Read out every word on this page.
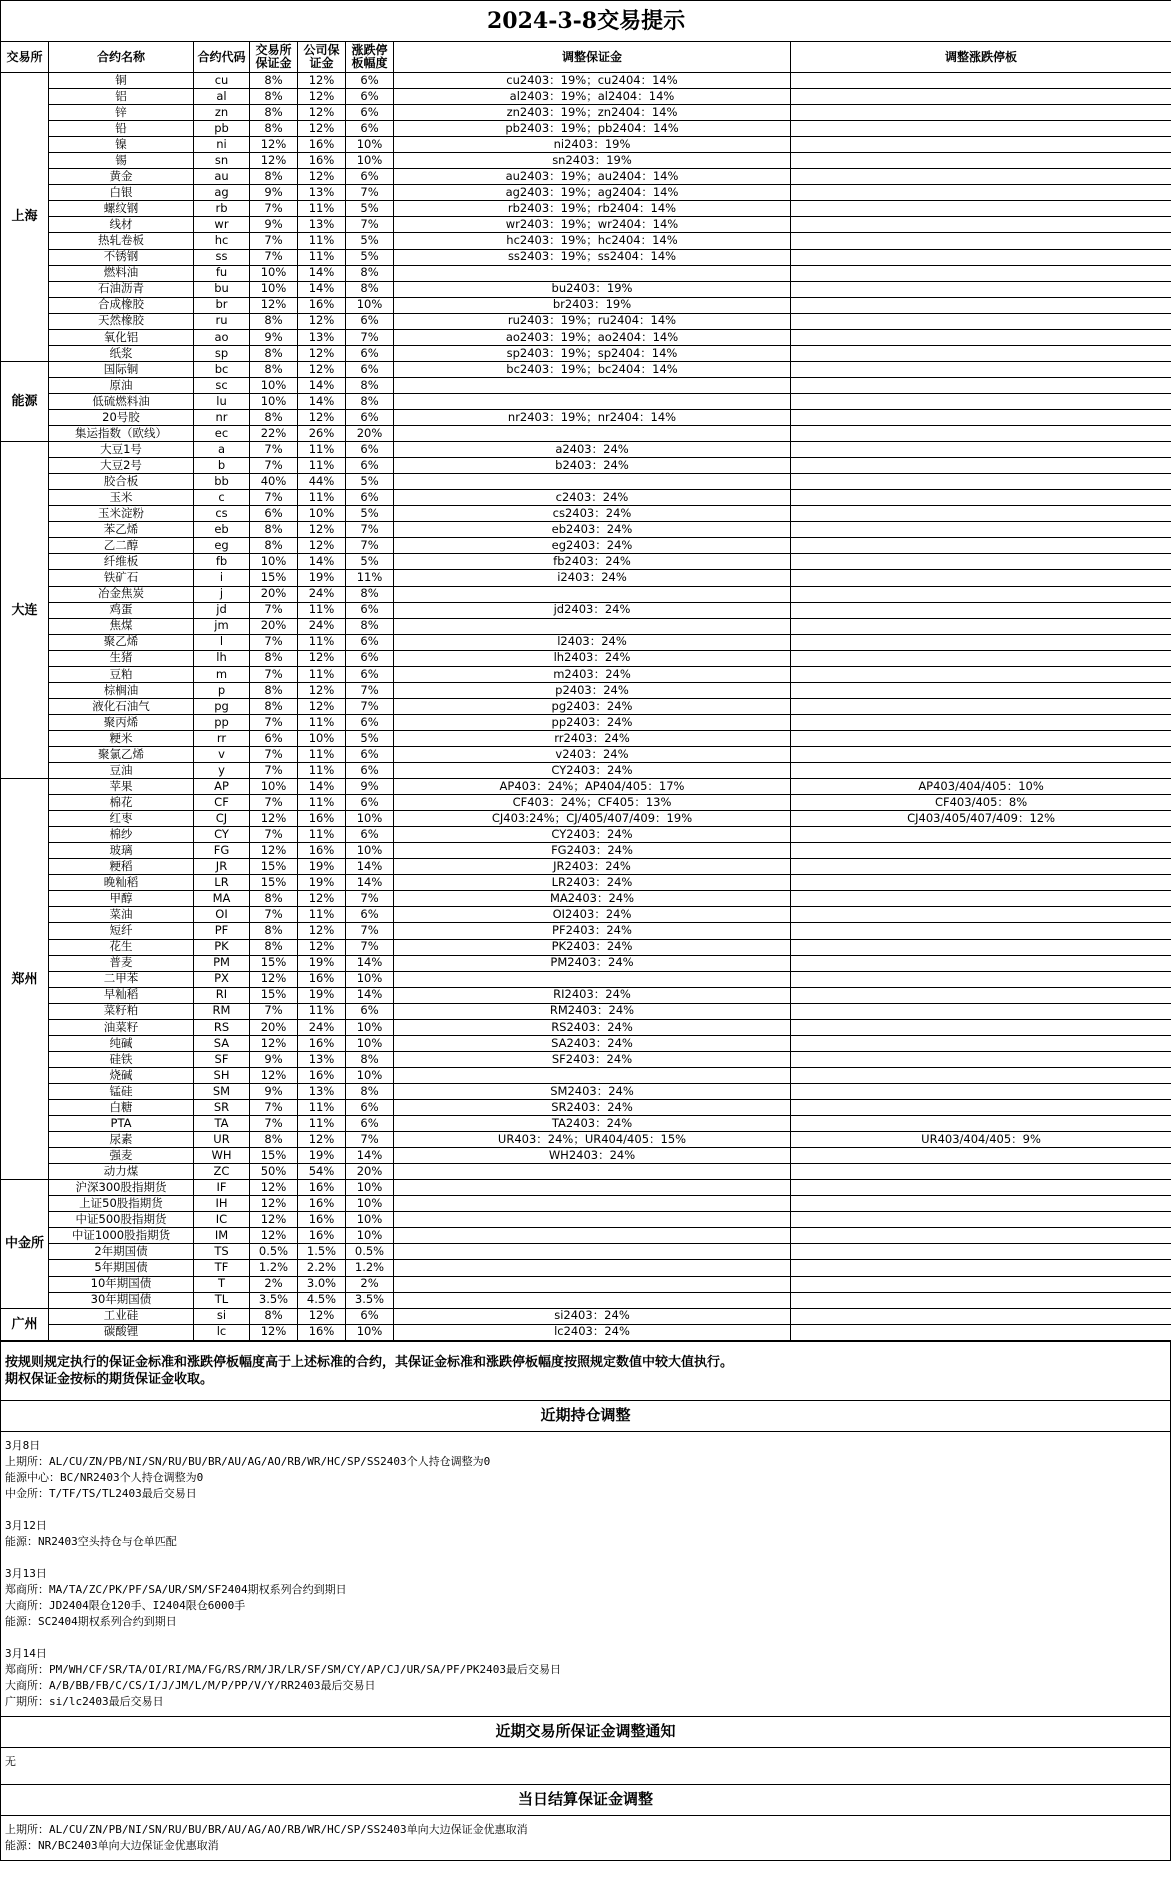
2024-3-8交易提示							
交易所	合约名称	合约代码	交易所保证金	公司保证金	涨跌停板幅度	调整保证金	调整涨跌停板
上海	铜	cu	8%	12%	6%	cu2403：19%；cu2404：14%	
	铝	al	8%	12%	6%	al2403：19%；al2404：14%	
	锌	zn	8%	12%	6%	zn2403：19%；zn2404：14%	
	铅	pb	8%	12%	6%	pb2403：19%；pb2404：14%	
	镍	ni	12%	16%	10%	ni2403：19%	
	锡	sn	12%	16%	10%	sn2403：19%	
	黄金	au	8%	12%	6%	au2403：19%；au2404：14%	
	白银	ag	9%	13%	7%	ag2403：19%；ag2404：14%	
	螺纹钢	rb	7%	11%	5%	rb2403：19%；rb2404：14%	
	线材	wr	9%	13%	7%	wr2403：19%；wr2404：14%	
	热轧卷板	hc	7%	11%	5%	hc2403：19%；hc2404：14%	
	不锈钢	ss	7%	11%	5%	ss2403：19%；ss2404：14%	
	燃料油	fu	10%	14%	8%		
	石油沥青	bu	10%	14%	8%	bu2403：19%	
	合成橡胶	br	12%	16%	10%	br2403：19%	
	天然橡胶	ru	8%	12%	6%	ru2403：19%；ru2404：14%	
	氧化铝	ao	9%	13%	7%	ao2403：19%；ao2404：14%	
	纸浆	sp	8%	12%	6%	sp2403：19%；sp2404：14%	
能源	国际铜	bc	8%	12%	6%	bc2403：19%；bc2404：14%	
	原油	sc	10%	14%	8%		
	低硫燃料油	lu	10%	14%	8%		
	20号胶	nr	8%	12%	6%	nr2403：19%；nr2404：14%	
	集运指数（欧线）	ec	22%	26%	20%		
大连	大豆1号	a	7%	11%	6%	a2403：24%	
	大豆2号	b	7%	11%	6%	b2403：24%	
	胶合板	bb	40%	44%	5%		
	玉米	c	7%	11%	6%	c2403：24%	
	玉米淀粉	cs	6%	10%	5%	cs2403：24%	
	苯乙烯	eb	8%	12%	7%	eb2403：24%	
	乙二醇	eg	8%	12%	7%	eg2403：24%	
	纤维板	fb	10%	14%	5%	fb2403：24%	
	铁矿石	i	15%	19%	11%	i2403：24%	
	冶金焦炭	j	20%	24%	8%		
	鸡蛋	jd	7%	11%	6%	jd2403：24%	
	焦煤	jm	20%	24%	8%		
	聚乙烯	l	7%	11%	6%	l2403：24%	
	生猪	lh	8%	12%	6%	lh2403：24%	
	豆粕	m	7%	11%	6%	m2403：24%	
	棕榈油	p	8%	12%	7%	p2403：24%	
	液化石油气	pg	8%	12%	7%	pg2403：24%	
	聚丙烯	pp	7%	11%	6%	pp2403：24%	
	粳米	rr	6%	10%	5%	rr2403：24%	
	聚氯乙烯	v	7%	11%	6%	v2403：24%	
	豆油	y	7%	11%	6%	CY2403：24%	
郑州	苹果	AP	10%	14%	9%	AP403：24%；AP404/405：17%	AP403/404/405：10%
	棉花	CF	7%	11%	6%	CF403：24%；CF405：13%	CF403/405：8%
	红枣	CJ	12%	16%	10%	CJ403:24%；CJ/405/407/409：19%	CJ403/405/407/409：12%
	棉纱	CY	7%	11%	6%	CY2403：24%	
	玻璃	FG	12%	16%	10%	FG2403：24%	
	粳稻	JR	15%	19%	14%	JR2403：24%	
	晚籼稻	LR	15%	19%	14%	LR2403：24%	
	甲醇	MA	8%	12%	7%	MA2403：24%	
	菜油	OI	7%	11%	6%	OI2403：24%	
	短纤	PF	8%	12%	7%	PF2403：24%	
	花生	PK	8%	12%	7%	PK2403：24%	
	普麦	PM	15%	19%	14%	PM2403：24%	
	二甲苯	PX	12%	16%	10%		
	早籼稻	RI	15%	19%	14%	RI2403：24%	
	菜籽粕	RM	7%	11%	6%	RM2403：24%	
	油菜籽	RS	20%	24%	10%	RS2403：24%	
	纯碱	SA	12%	16%	10%	SA2403：24%	
	硅铁	SF	9%	13%	8%	SF2403：24%	
	烧碱	SH	12%	16%	10%		
	锰硅	SM	9%	13%	8%	SM2403：24%	
	白糖	SR	7%	11%	6%	SR2403：24%	
	PTA	TA	7%	11%	6%	TA2403：24%	
	尿素	UR	8%	12%	7%	UR403：24%；UR404/405：15%	UR403/404/405：9%
	强麦	WH	15%	19%	14%	WH2403：24%	
	动力煤	ZC	50%	54%	20%		
中金所	沪深300股指期货	IF	12%	16%	10%		
	上证50股指期货	IH	12%	16%	10%		
	中证500股指期货	IC	12%	16%	10%		
	中证1000股指期货	IM	12%	16%	10%		
	2年期国债	TS	0.5%	1.5%	0.5%		
	5年期国债	TF	1.2%	2.2%	1.2%		
	10年期国债	T	2%	3.0%	2%		
	30年期国债	TL	3.5%	4.5%	3.5%		
广州	工业硅	si	8%	12%	6%	si2403：24%	
	碳酸锂	lc	12%	16%	10%	lc2403：24%	
按规则规定执行的保证金标准和涨跌停板幅度高于上述标准的合约，其保证金标准和涨跌停板幅度按照规定数值中较大值执行。
期权保证金按标的期货保证金收取。

近期持仓调整

3月8日
上期所：AL/CU/ZN/PB/NI/SN/RU/BU/BR/AU/AG/AO/RB/WR/HC/SP/SS2403个人持仓调整为0
能源中心：BC/NR2403个人持仓调整为0
中金所：T/TF/TS/TL2403最后交易日
3月12日
能源：NR2403空头持仓与仓单匹配
3月13日
郑商所：MA/TA/ZC/PK/PF/SA/UR/SM/SF2404期权系列合约到期日
大商所：JD2404限仓120手、I2404限仓6000手
能源：SC2404期权系列合约到期日
3月14日
郑商所：PM/WH/CF/SR/TA/OI/RI/MA/FG/RS/RM/JR/LR/SF/SM/CY/AP/CJ/UR/SA/PF/PK2403最后交易日
大商所：A/B/BB/FB/C/CS/I/J/JM/L/M/P/PP/V/Y/RR2403最后交易日
广期所：si/lc2403最后交易日

近期交易所保证金调整通知
无
当日结算保证金调整

上期所：AL/CU/ZN/PB/NI/SN/RU/BU/BR/AU/AG/AO/RB/WR/HC/SP/SS2403单向大边保证金优惠取消
能源：NR/BC2403单向大边保证金优惠取消
